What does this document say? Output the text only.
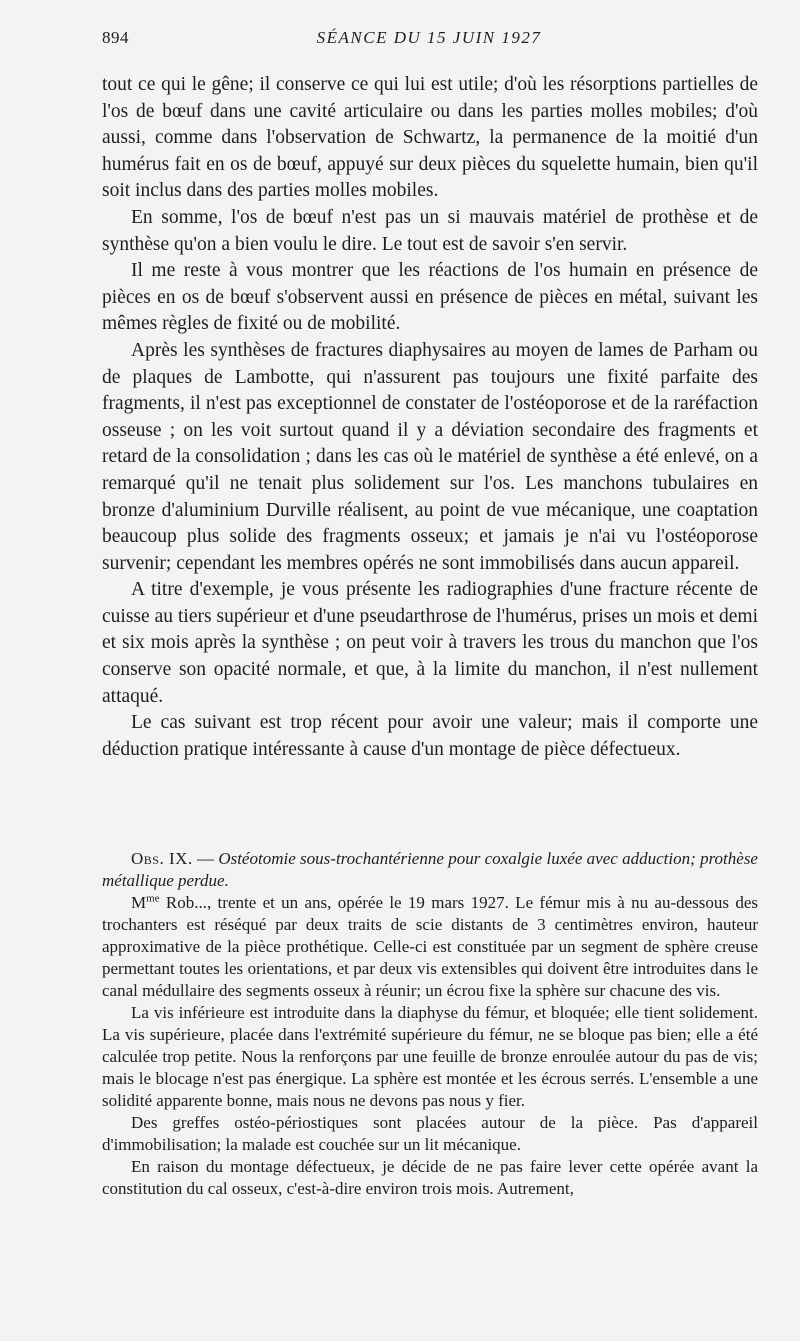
894	SÉANCE DU 15 JUIN 1927

tout ce qui le gêne; il conserve ce qui lui est utile; d'où les résorptions partielles de l'os de bœuf dans une cavité articulaire ou dans les parties molles mobiles; d'où aussi, comme dans l'observation de Schwartz, la permanence de la moitié d'un humérus fait en os de bœuf, appuyé sur deux pièces du squelette humain, bien qu'il soit inclus dans des parties molles mobiles.

En somme, l'os de bœuf n'est pas un si mauvais matériel de prothèse et de synthèse qu'on a bien voulu le dire. Le tout est de savoir s'en servir.

Il me reste à vous montrer que les réactions de l'os humain en présence de pièces en os de bœuf s'observent aussi en présence de pièces en métal, suivant les mêmes règles de fixité ou de mobilité.

Après les synthèses de fractures diaphysaires au moyen de lames de Parham ou de plaques de Lambotte, qui n'assurent pas toujours une fixité parfaite des fragments, il n'est pas exceptionnel de constater de l'ostéoporose et de la raréfaction osseuse ; on les voit surtout quand il y a déviation secondaire des fragments et retard de la consolidation ; dans les cas où le matériel de synthèse a été enlevé, on a remarqué qu'il ne tenait plus solidement sur l'os. Les manchons tubulaires en bronze d'aluminium Durville réalisent, au point de vue mécanique, une coaptation beaucoup plus solide des fragments osseux; et jamais je n'ai vu l'ostéoporose survenir; cependant les membres opérés ne sont immobilisés dans aucun appareil.

A titre d'exemple, je vous présente les radiographies d'une fracture récente de cuisse au tiers supérieur et d'une pseudarthrose de l'humérus, prises un mois et demi et six mois après la synthèse ; on peut voir à travers les trous du manchon que l'os conserve son opacité normale, et que, à la limite du manchon, il n'est nullement attaqué.

Le cas suivant est trop récent pour avoir une valeur; mais il comporte une déduction pratique intéressante à cause d'un montage de pièce défectueux.

Obs. IX. — Ostéotomie sous-trochantérienne pour coxalgie luxée avec adduction; prothèse métallique perdue.

$M^{me}$ Rob..., trente et un ans, opérée le 19 mars 1927. Le fémur mis à nu au-dessous des trochanters est réséqué par deux traits de scie distants de 3 centimètres environ, hauteur approximative de la pièce prothétique. Celle-ci est constituée par un segment de sphère creuse permettant toutes les orientations, et par deux vis extensibles qui doivent être introduites dans le canal médullaire des segments osseux à réunir; un écrou fixe la sphère sur chacune des vis.

La vis inférieure est introduite dans la diaphyse du fémur, et bloquée; elle tient solidement. La vis supérieure, placée dans l'extrémité supérieure du fémur, ne se bloque pas bien; elle a été calculée trop petite. Nous la renforçons par une feuille de bronze enroulée autour du pas de vis; mais le blocage n'est pas énergique. La sphère est montée et les écrous serrés. L'ensemble a une solidité apparente bonne, mais nous ne devons pas nous y fier.

Des greffes ostéo-périostiques sont placées autour de la pièce. Pas d'appareil d'immobilisation; la malade est couchée sur un lit mécanique.

En raison du montage défectueux, je décide de ne pas faire lever cette opérée avant la constitution du cal osseux, c'est-à-dire environ trois mois. Autrement,
